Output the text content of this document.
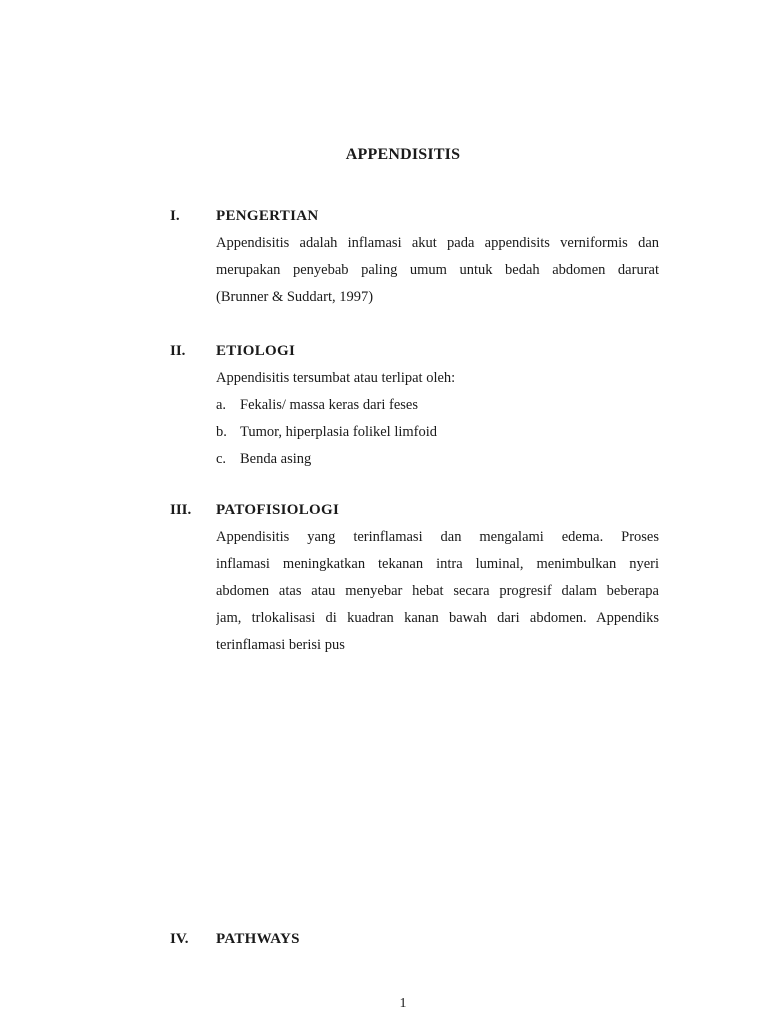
APPENDISITIS
I. PENGERTIAN
Appendisitis adalah inflamasi akut pada appendisits verniformis dan
merupakan penyebab paling umum untuk bedah abdomen darurat
(Brunner & Suddart, 1997)
II. ETIOLOGI
Appendisitis tersumbat atau terlipat oleh:
a. Fekalis/ massa keras dari feses
b. Tumor, hiperplasia folikel limfoid
c. Benda asing
III. PATOFISIOLOGI
Appendisitis yang terinflamasi dan mengalami edema. Proses
inflamasi meningkatkan tekanan intra luminal, menimbulkan nyeri
abdomen atas atau menyebar hebat secara progresif dalam beberapa
jam, trlokalisasi di kuadran kanan bawah dari abdomen. Appendiks
terinflamasi berisi pus
IV. PATHWAYS
1
